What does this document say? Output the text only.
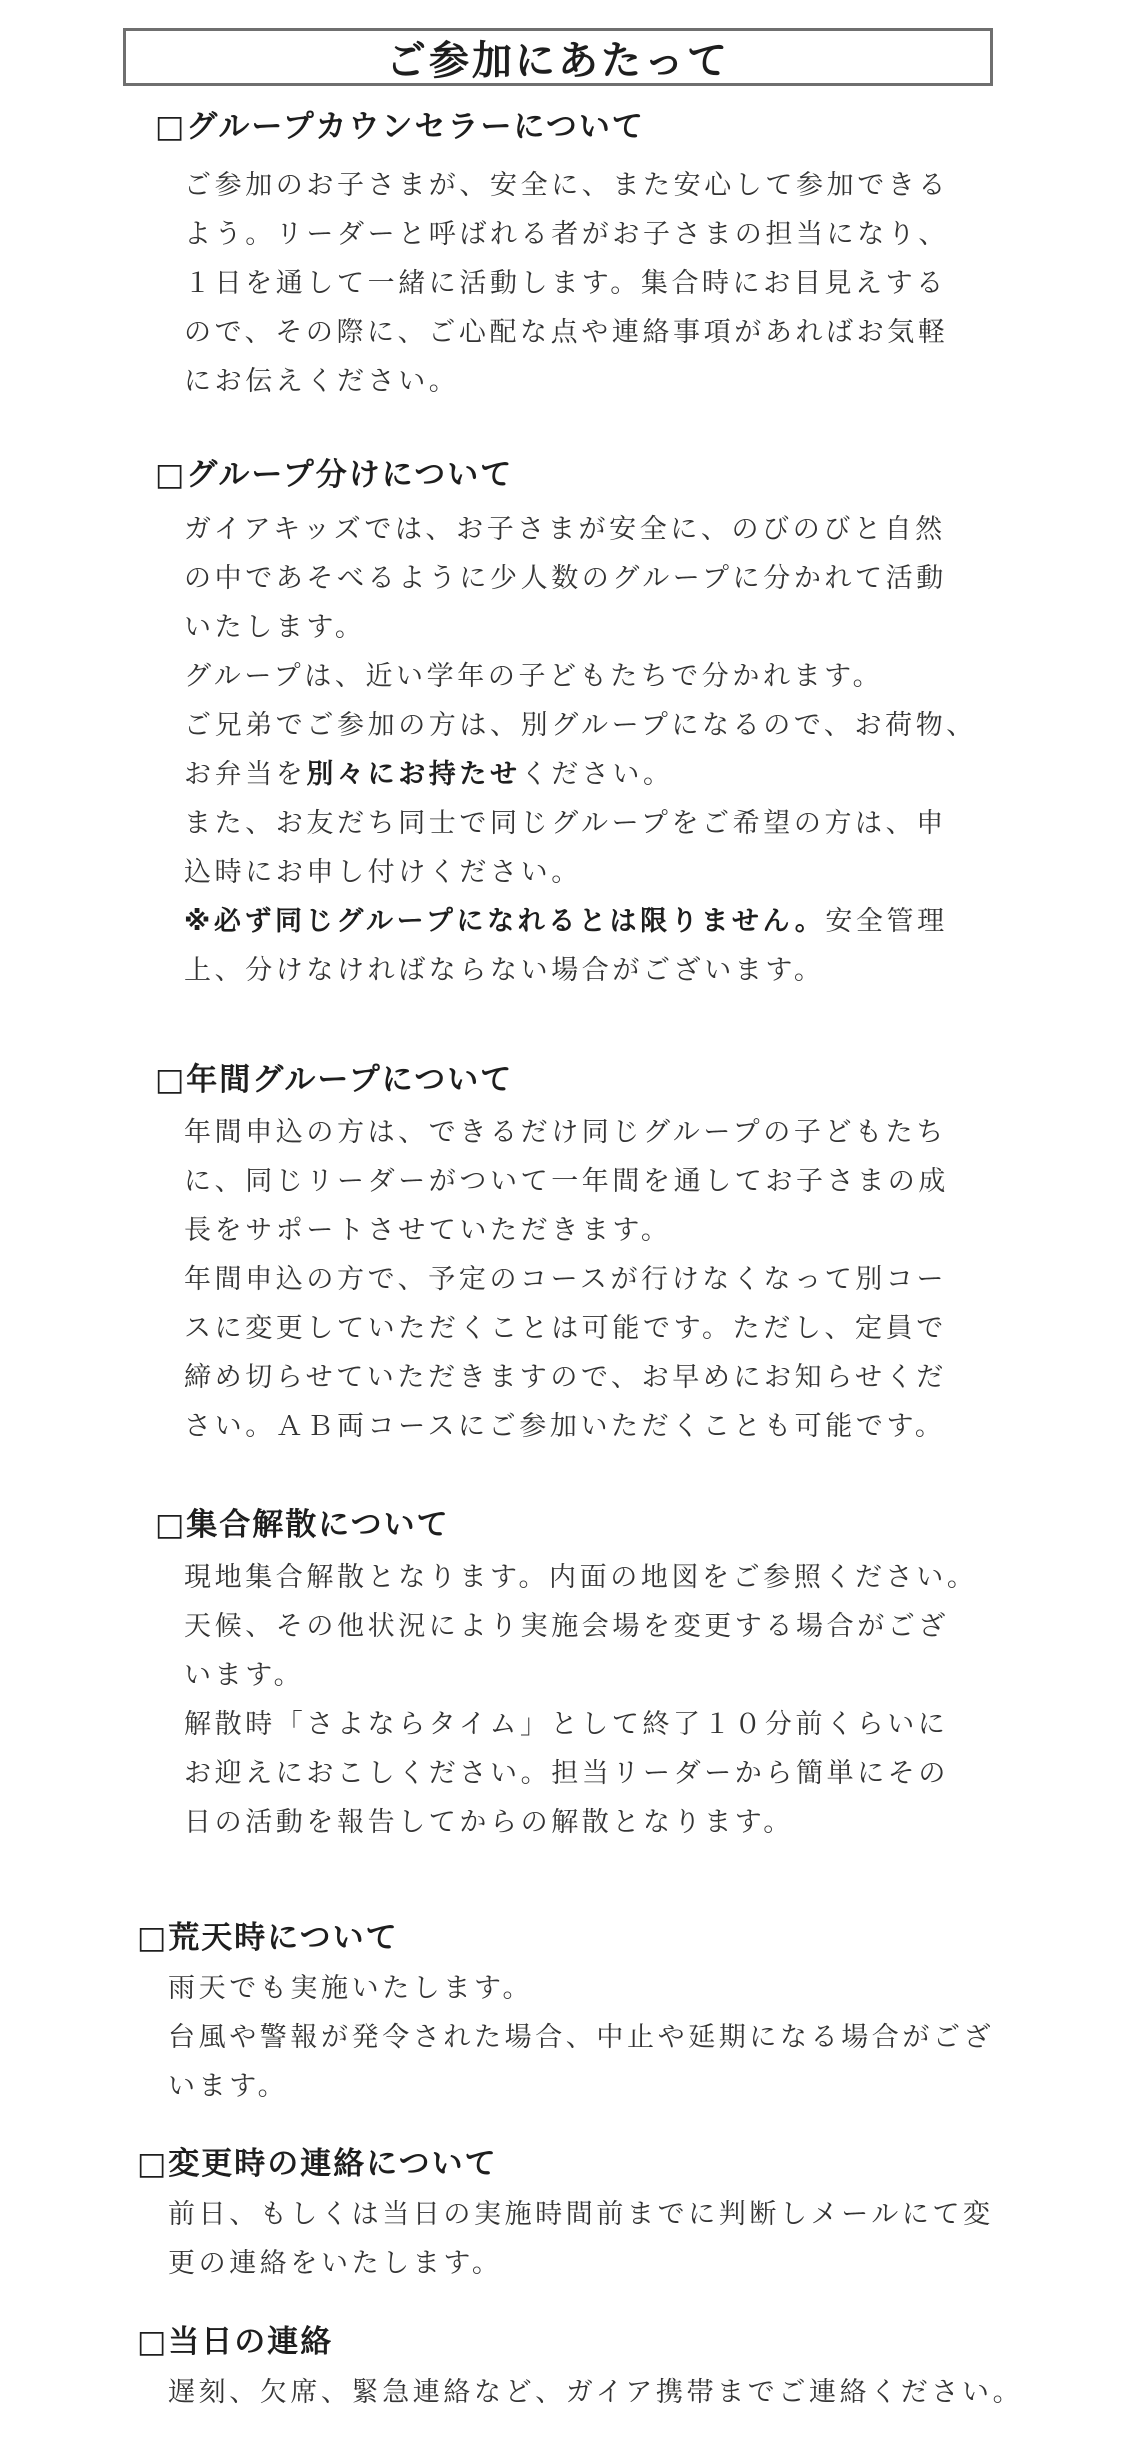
ご参加にあたって
□グループカウンセラーについて
ご参加のお子さまが、安全に、また安心して参加できる
よう。リーダーと呼ばれる者がお子さまの担当になり、
１日を通して一緒に活動します。集合時にお目見えする
ので、その際に、ご心配な点や連絡事項があればお気軽
にお伝えください。
□グループ分けについて
ガイアキッズでは、お子さまが安全に、のびのびと自然
の中であそべるように少人数のグループに分かれて活動
いたします。
グループは、近い学年の子どもたちで分かれます。
ご兄弟でご参加の方は、別グループになるので、お荷物、
お弁当を別々にお持たせください。
また、お友だち同士で同じグループをご希望の方は、申
込時にお申し付けください。
※必ず同じグループになれるとは限りません。安全管理
上、分けなければならない場合がございます。
□年間グループについて
年間申込の方は、できるだけ同じグループの子どもたち
に、同じリーダーがついて一年間を通してお子さまの成
長をサポートさせていただきます。
年間申込の方で、予定のコースが行けなくなって別コー
スに変更していただくことは可能です。ただし、定員で
締め切らせていただきますので、お早めにお知らせくだ
さい。ＡＢ両コースにご参加いただくことも可能です。
□集合解散について
現地集合解散となります。内面の地図をご参照ください。
天候、その他状況により実施会場を変更する場合がござ
います。
解散時「さよならタイム」として終了１０分前くらいに
お迎えにおこしください。担当リーダーから簡単にその
日の活動を報告してからの解散となります。
□荒天時について
雨天でも実施いたします。
台風や警報が発令された場合、中止や延期になる場合がござ
います。
□変更時の連絡について
前日、もしくは当日の実施時間前までに判断しメールにて変
更の連絡をいたします。
□当日の連絡
遅刻、欠席、緊急連絡など、ガイア携帯までご連絡ください。
